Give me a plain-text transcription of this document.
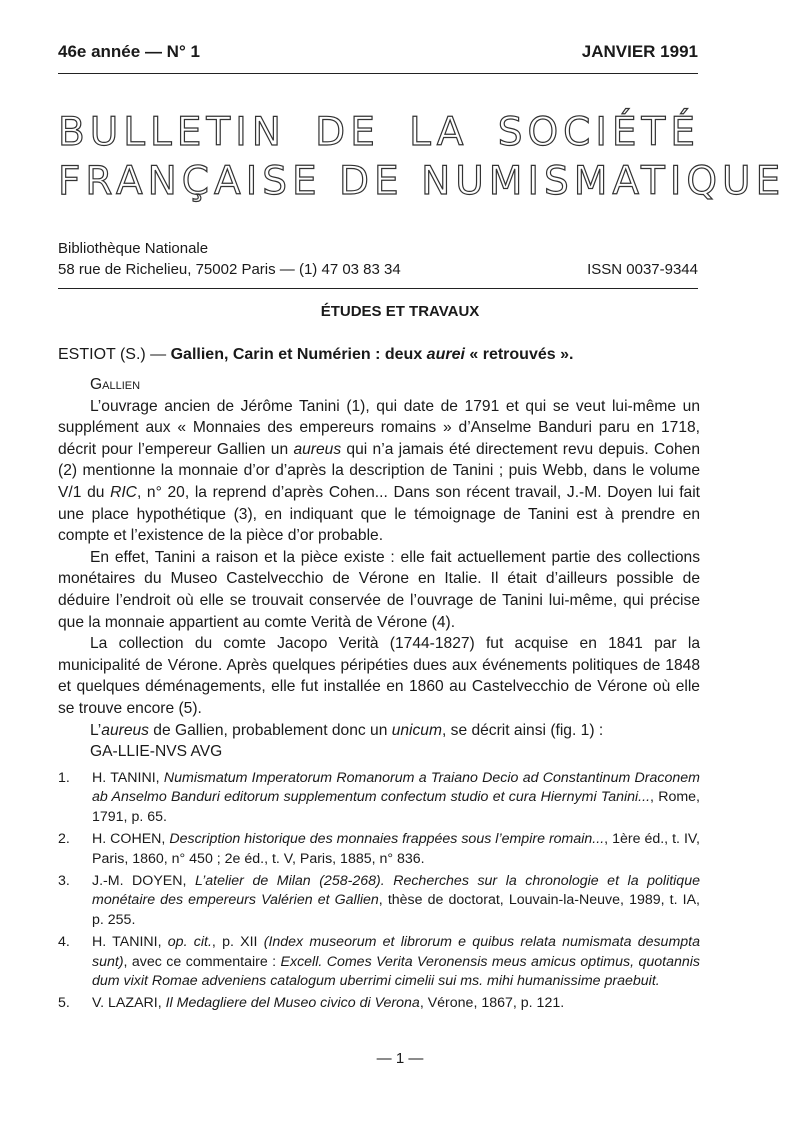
46e année — N° 1	JANVIER 1991
BULLETIN DE LA SOCIÉTÉ
FRANÇAISE DE NUMISMATIQUE
Bibliothèque Nationale
58 rue de Richelieu, 75002 Paris — (1) 47 03 83 34	ISSN 0037-9344
ÉTUDES ET TRAVAUX
ESTIOT (S.) — Gallien, Carin et Numérien : deux aurei « retrouvés ».
Gallien

L’ouvrage ancien de Jérôme Tanini (1), qui date de 1791 et qui se veut lui-même un supplément aux « Monnaies des empereurs romains » d’Anselme Banduri paru en 1718, décrit pour l’empereur Gallien un aureus qui n’a jamais été directement revu depuis. Cohen (2) mentionne la monnaie d’or d’après la description de Tanini ; puis Webb, dans le volume V/1 du RIC, n° 20, la reprend d’après Cohen... Dans son récent travail, J.-M. Doyen lui fait une place hypothétique (3), en indiquant que le témoignage de Tanini est à prendre en compte et l’existence de la pièce d’or probable.

En effet, Tanini a raison et la pièce existe : elle fait actuellement partie des collections monétaires du Museo Castelvecchio de Vérone en Italie. Il était d’ailleurs possible de déduire l’endroit où elle se trouvait conservée de l’ouvrage de Tanini lui-même, qui précise que la monnaie appartient au comte Verità de Vérone (4).

La collection du comte Jacopo Verità (1744-1827) fut acquise en 1841 par la municipalité de Vérone. Après quelques péripéties dues aux événements politiques de 1848 et quelques déménagements, elle fut installée en 1860 au Castelvecchio de Vérone où elle se trouve encore (5).

L’aureus de Gallien, probablement donc un unicum, se décrit ainsi (fig. 1) :

GA-LLIE-NVS AVG
1. H. TANINI, Numismatum Imperatorum Romanorum a Traiano Decio ad Constantinum Draconem ab Anselmo Banduri editorum supplementum confectum studio et cura Hiernymi Tanini..., Rome, 1791, p. 65.
2. H. COHEN, Description historique des monnaies frappées sous l’empire romain..., 1ère éd., t. IV, Paris, 1860, n° 450 ; 2e éd., t. V, Paris, 1885, n° 836.
3. J.-M. DOYEN, L’atelier de Milan (258-268). Recherches sur la chronologie et la politique monétaire des empereurs Valérien et Gallien, thèse de doctorat, Louvain-la-Neuve, 1989, t. IA, p. 255.
4. H. TANINI, op. cit., p. XII (Index museorum et librorum e quibus relata numismata desumpta sunt), avec ce commentaire : Excell. Comes Verita Veronensis meus amicus optimus, quotannis dum vixit Romae adveniens catalogum uberrimi cimelii sui ms. mihi humanissime praebuit.
5. V. LAZARI, Il Medagliere del Museo civico di Verona, Vérone, 1867, p. 121.
— 1 —
